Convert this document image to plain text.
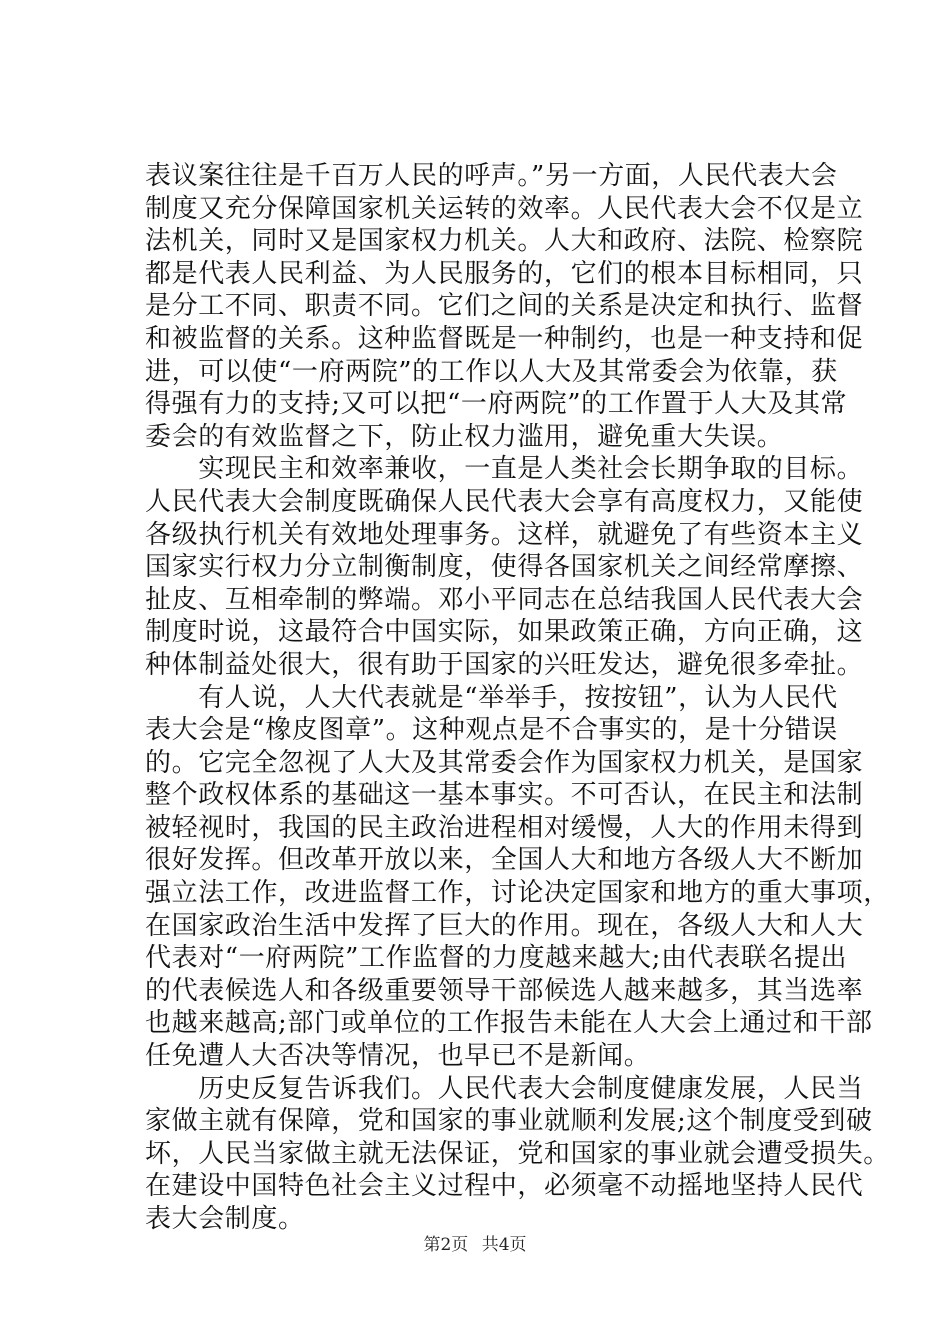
表议案往往是千百万人民的呼声。”另一方面，人民代表大会
制度又充分保障国家机关运转的效率。人民代表大会不仅是立
法机关，同时又是国家权力机关。人大和政府、法院、检察院
都是代表人民利益、为人民服务的，它们的根本目标相同，只
是分工不同、职责不同。它们之间的关系是决定和执行、监督
和被监督的关系。这种监督既是一种制约，也是一种支持和促
进，可以使“一府两院”的工作以人大及其常委会为依靠，获
得强有力的支持;又可以把“一府两院”的工作置于人大及其常
委会的有效监督之下，防止权力滥用，避免重大失误。
　　实现民主和效率兼收，一直是人类社会长期争取的目标。
人民代表大会制度既确保人民代表大会享有高度权力，又能使
各级执行机关有效地处理事务。这样，就避免了有些资本主义
国家实行权力分立制衡制度，使得各国家机关之间经常摩擦、
扯皮、互相牵制的弊端。邓小平同志在总结我国人民代表大会
制度时说，这最符合中国实际，如果政策正确，方向正确，这
种体制益处很大，很有助于国家的兴旺发达，避免很多牵扯。
　　有人说，人大代表就是“举举手，按按钮”，认为人民代
表大会是“橡皮图章”。这种观点是不合事实的，是十分错误
的。它完全忽视了人大及其常委会作为国家权力机关，是国家
整个政权体系的基础这一基本事实。不可否认，在民主和法制
被轻视时，我国的民主政治进程相对缓慢，人大的作用未得到
很好发挥。但改革开放以来，全国人大和地方各级人大不断加
强立法工作，改进监督工作，讨论决定国家和地方的重大事项，
在国家政治生活中发挥了巨大的作用。现在，各级人大和人大
代表对“一府两院”工作监督的力度越来越大;由代表联名提出
的代表候选人和各级重要领导干部候选人越来越多，其当选率
也越来越高;部门或单位的工作报告未能在人大会上通过和干部
任免遭人大否决等情况，也早已不是新闻。
　　历史反复告诉我们。人民代表大会制度健康发展，人民当
家做主就有保障，党和国家的事业就顺利发展;这个制度受到破
坏，人民当家做主就无法保证，党和国家的事业就会遭受损失。
在建设中国特色社会主义过程中，必须毫不动摇地坚持人民代
表大会制度。
第2页 共4页
